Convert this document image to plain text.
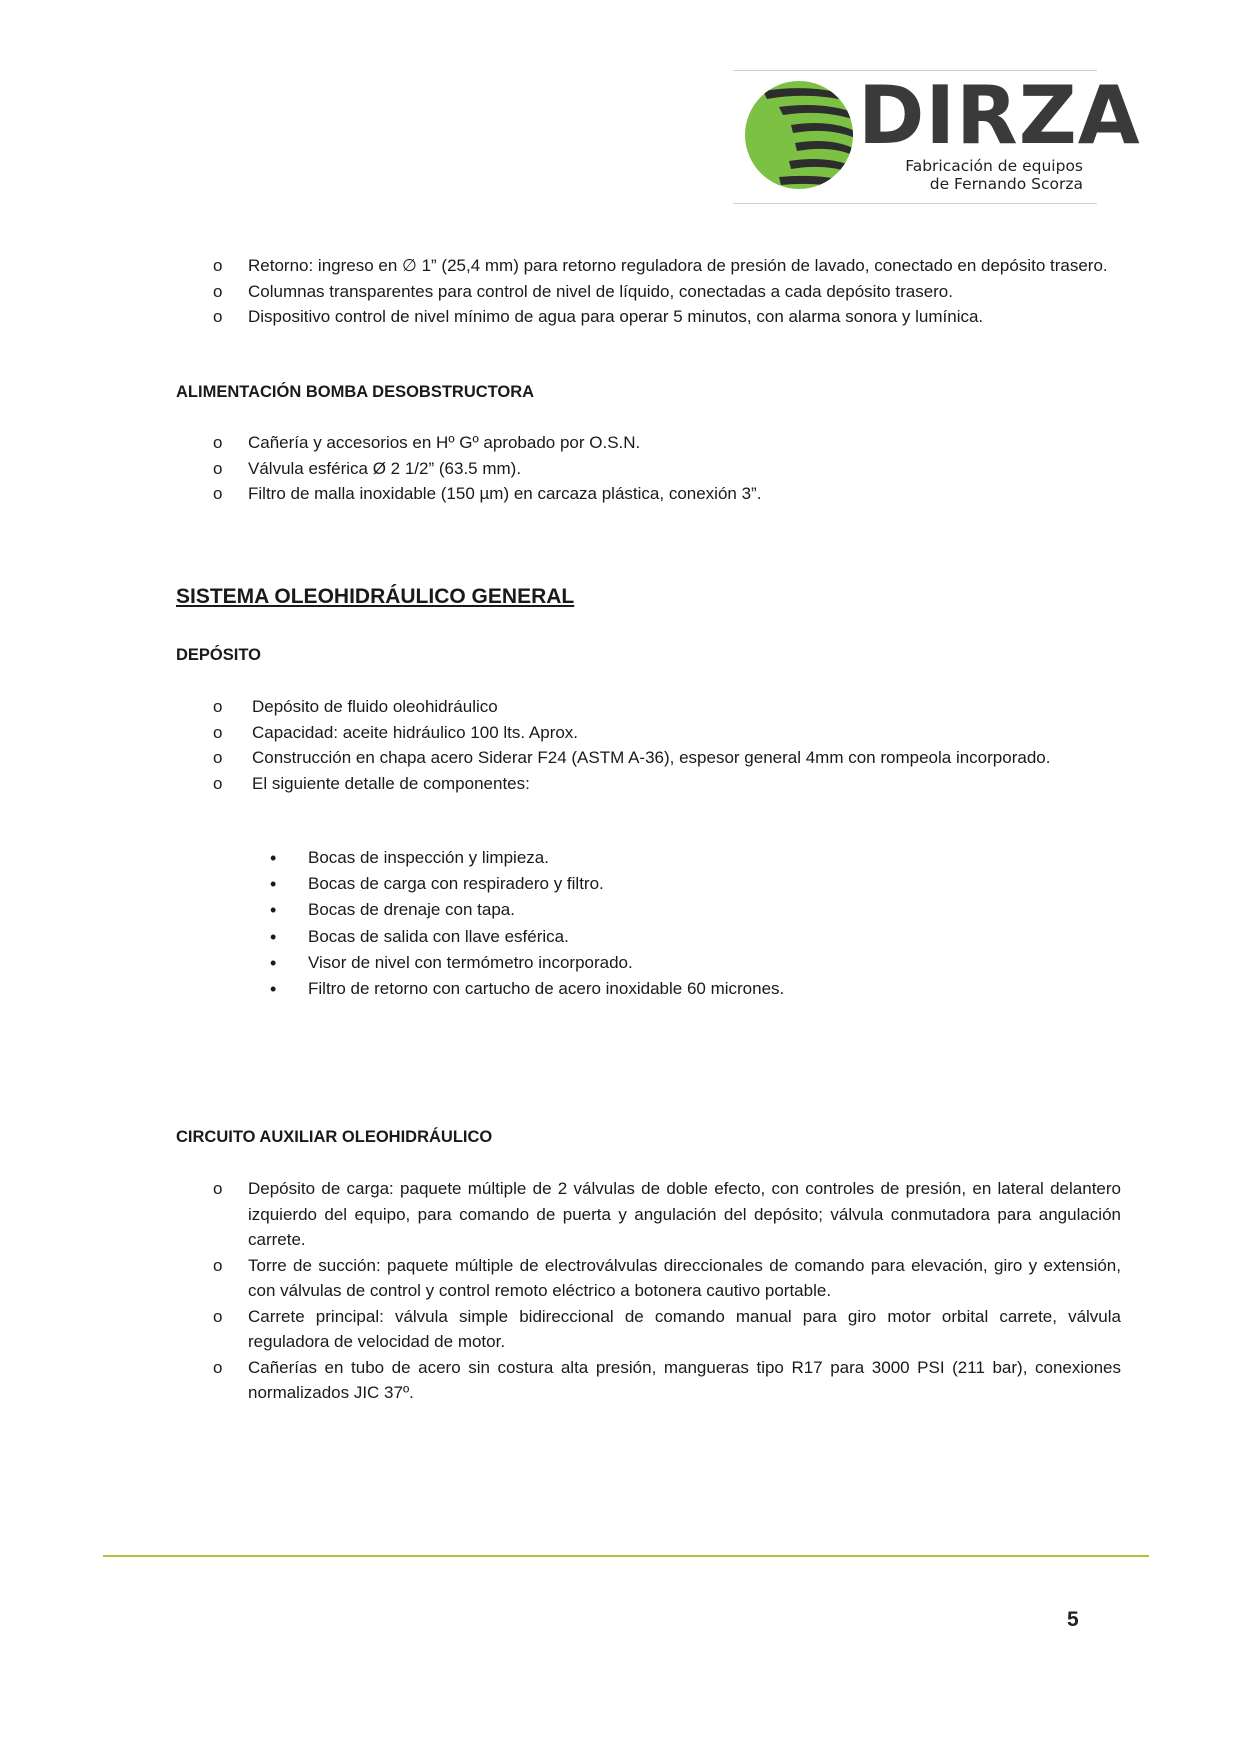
DIRZA
Fabricación de equipos
de Fernando Scorza
o Retorno: ingreso en ∅ 1” (25,4 mm) para retorno reguladora de presión de lavado, conectado en depósito trasero.
o Columnas transparentes para control de nivel de líquido, conectadas a cada depósito trasero.
o Dispositivo control de nivel mínimo de agua para operar 5 minutos, con alarma sonora y lumínica.
ALIMENTACIÓN BOMBA DESOBSTRUCTORA
o Cañería y accesorios en Hº Gº aprobado por O.S.N.
o Válvula esférica Ø 2 1/2” (63.5 mm).
o Filtro de malla inoxidable (150 µm) en carcaza plástica, conexión 3”.
SISTEMA OLEOHIDRÁULICO GENERAL
DEPÓSITO
o Depósito de fluido oleohidráulico
o Capacidad: aceite hidráulico 100 lts. Aprox.
o Construcción en chapa acero Siderar F24 (ASTM A-36), espesor general 4mm con rompeola incorporado.
o El siguiente detalle de componentes:
• Bocas de inspección y limpieza.
• Bocas de carga con respiradero y filtro.
• Bocas de drenaje con tapa.
• Bocas de salida con llave esférica.
• Visor de nivel con termómetro incorporado.
• Filtro de retorno con cartucho de acero inoxidable 60 micrones.
CIRCUITO AUXILIAR OLEOHIDRÁULICO
o Depósito de carga: paquete múltiple de 2 válvulas de doble efecto, con controles de presión, en lateral delantero izquierdo del equipo, para comando de puerta y angulación del depósito; válvula conmutadora para angulación carrete.
o Torre de succión: paquete múltiple de electroválvulas direccionales de comando para elevación, giro y extensión, con válvulas de control y control remoto eléctrico a botonera cautivo portable.
o Carrete principal: válvula simple bidireccional de comando manual para giro motor orbital carrete, válvula reguladora de velocidad de motor.
o Cañerías en tubo de acero sin costura alta presión, mangueras tipo R17 para 3000 PSI (211 bar), conexiones normalizados JIC 37º.
5
